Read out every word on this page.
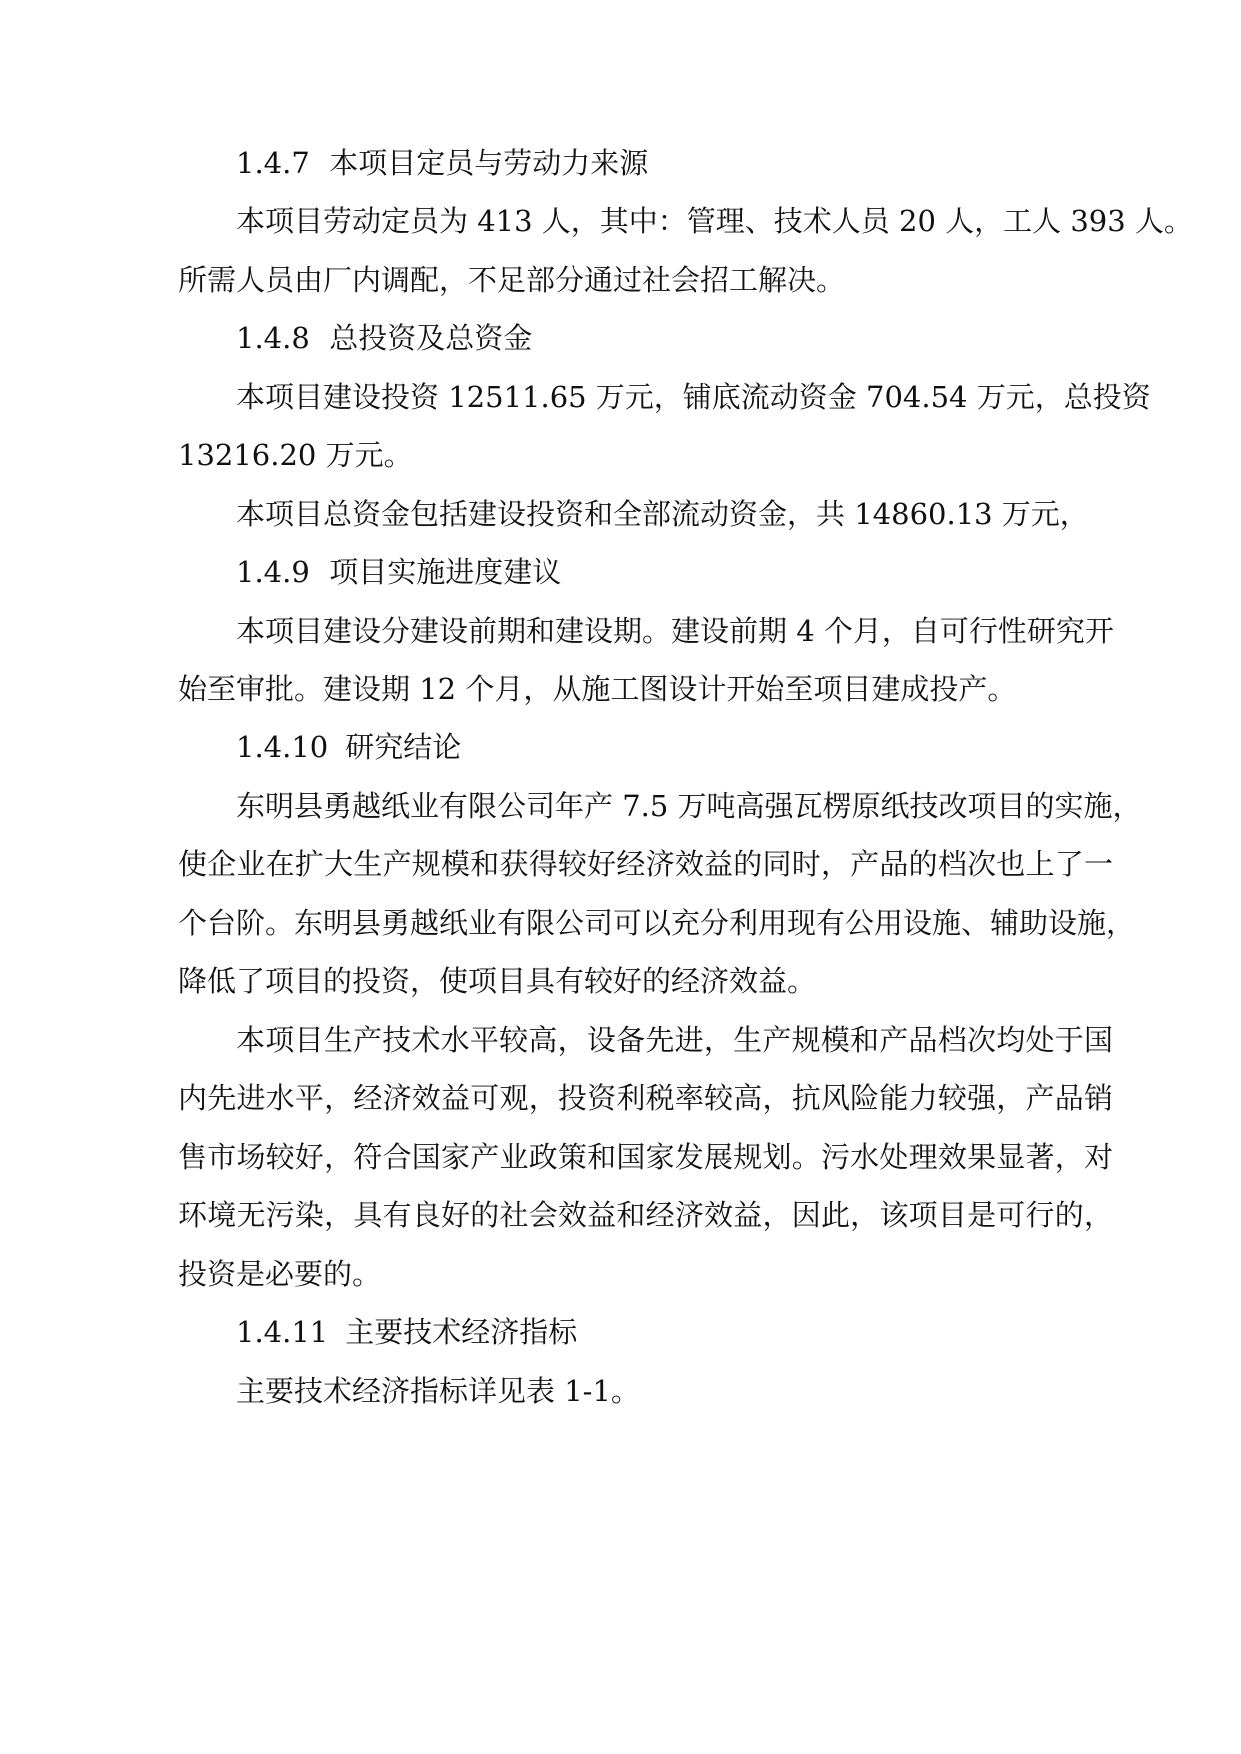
1.4.7 本项目定员与劳动力来源

本项目劳动定员为 413 人，其中：管理、技术人员 20 人，工人 393 人。

所需人员由厂内调配，不足部分通过社会招工解决。

1.4.8 总投资及总资金

本项目建设投资 12511.65 万元，铺底流动资金 704.54 万元，总投资

13216.20 万元。

本项目总资金包括建设投资和全部流动资金，共 14860.13 万元，

1.4.9 项目实施进度建议

本项目建设分建设前期和建设期。建设前期 4 个月，自可行性研究开

始至审批。建设期 12 个月，从施工图设计开始至项目建成投产。

1.4.10 研究结论

东明县勇越纸业有限公司年产 7.5 万吨高强瓦楞原纸技改项目的实施，

使企业在扩大生产规模和获得较好经济效益的同时，产品的档次也上了一

个台阶。东明县勇越纸业有限公司可以充分利用现有公用设施、辅助设施，

降低了项目的投资，使项目具有较好的经济效益。

本项目生产技术水平较高，设备先进，生产规模和产品档次均处于国

内先进水平，经济效益可观，投资利税率较高，抗风险能力较强，产品销

售市场较好，符合国家产业政策和国家发展规划。污水处理效果显著，对

环境无污染，具有良好的社会效益和经济效益，因此，该项目是可行的，

投资是必要的。

1.4.11 主要技术经济指标

主要技术经济指标详见表 1-1。
